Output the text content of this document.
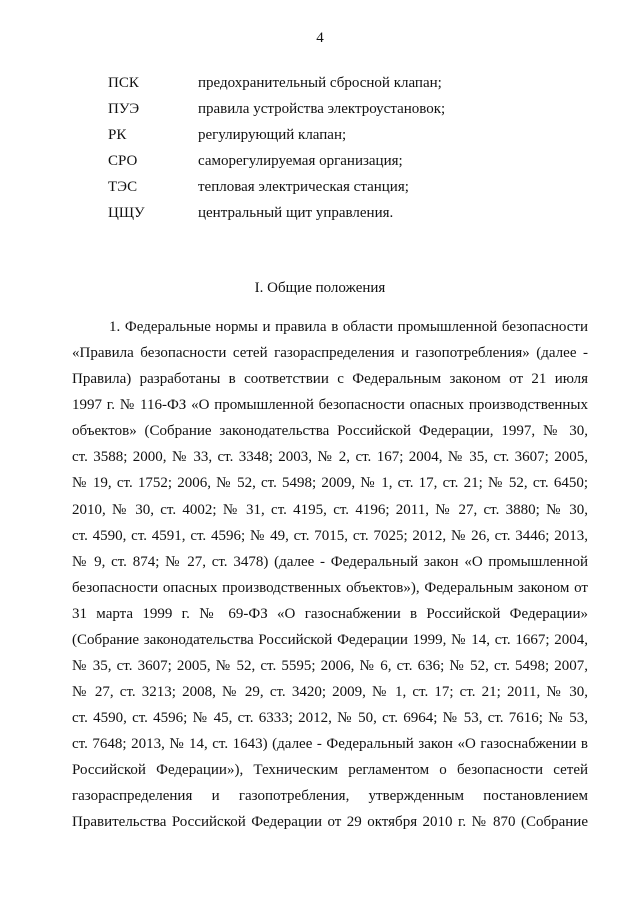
4
ПСК	предохранительный сбросной клапан;
ПУЭ	правила устройства электроустановок;
РК	регулирующий клапан;
СРО	саморегулируемая организация;
ТЭС	тепловая электрическая станция;
ЦЩУ	центральный щит управления.
I. Общие положения
1. Федеральные нормы и правила в области промышленной безопасности
«Правила безопасности сетей газораспределения и газопотребления» (далее -
Правила) разработаны в соответствии с Федеральным законом от 21 июля
1997 г. № 116-ФЗ «О промышленной безопасности опасных производственных
объектов» (Собрание законодательства Российской Федерации, 1997, № 30,
ст. 3588; 2000, № 33, ст. 3348; 2003, № 2, ст. 167; 2004, № 35, ст. 3607; 2005,
№ 19, ст. 1752; 2006, № 52, ст. 5498; 2009, № 1, ст. 17, ст. 21; № 52, ст. 6450;
2010, № 30, ст. 4002; № 31, ст. 4195, ст. 4196; 2011, № 27, ст. 3880; № 30,
ст. 4590, ст. 4591, ст. 4596; № 49, ст. 7015, ст. 7025; 2012, № 26, ст. 3446; 2013,
№ 9, ст. 874; № 27, ст. 3478) (далее - Федеральный закон «О промышленной
безопасности опасных производственных объектов»), Федеральным законом от
31 марта 1999 г. № 69-ФЗ «О газоснабжении в Российской Федерации»
(Собрание законодательства Российской Федерации 1999, № 14, ст. 1667; 2004,
№ 35, ст. 3607; 2005, № 52, ст. 5595; 2006, № 6, ст. 636; № 52, ст. 5498; 2007,
№ 27, ст. 3213; 2008, № 29, ст. 3420; 2009, № 1, ст. 17; ст. 21; 2011, № 30,
ст. 4590, ст. 4596; № 45, ст. 6333; 2012, № 50, ст. 6964; № 53, ст. 7616; № 53,
ст. 7648; 2013, № 14, ст. 1643) (далее - Федеральный закон «О газоснабжении в
Российской Федерации»), Техническим регламентом о безопасности сетей
газораспределения и газопотребления, утвержденным постановлением
Правительства Российской Федерации от 29 октября 2010 г. № 870 (Собрание
